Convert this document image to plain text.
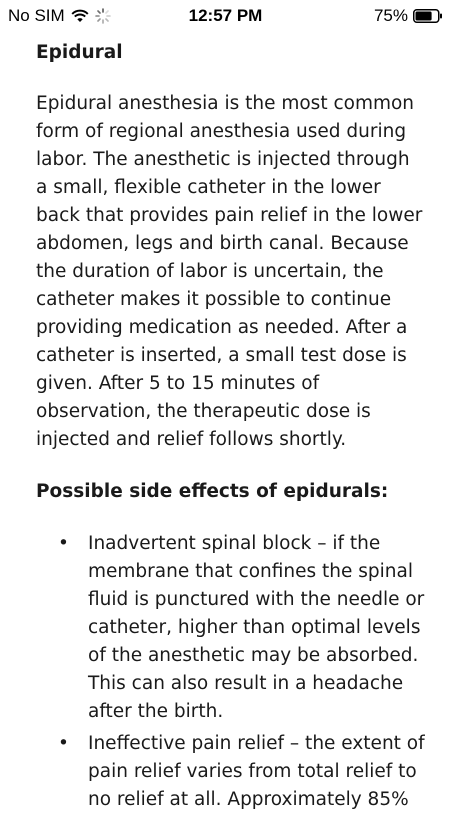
No SIM	12:57 PM	75%
Epidural

Epidural anesthesia is the most common form of regional anesthesia used during labor. The anesthetic is injected through a small, flexible catheter in the lower back that provides pain relief in the lower abdomen, legs and birth canal. Because the duration of labor is uncertain, the catheter makes it possible to continue providing medication as needed. After a catheter is inserted, a small test dose is given. After 5 to 15 minutes of observation, the therapeutic dose is injected and relief follows shortly.

Possible side effects of epidurals:
• Inadvertent spinal block – if the membrane that confines the spinal fluid is punctured with the needle or catheter, higher than optimal levels of the anesthetic may be absorbed. This can also result in a headache after the birth.
• Ineffective pain relief – the extent of pain relief varies from total relief to no relief at all. Approximately 85%
